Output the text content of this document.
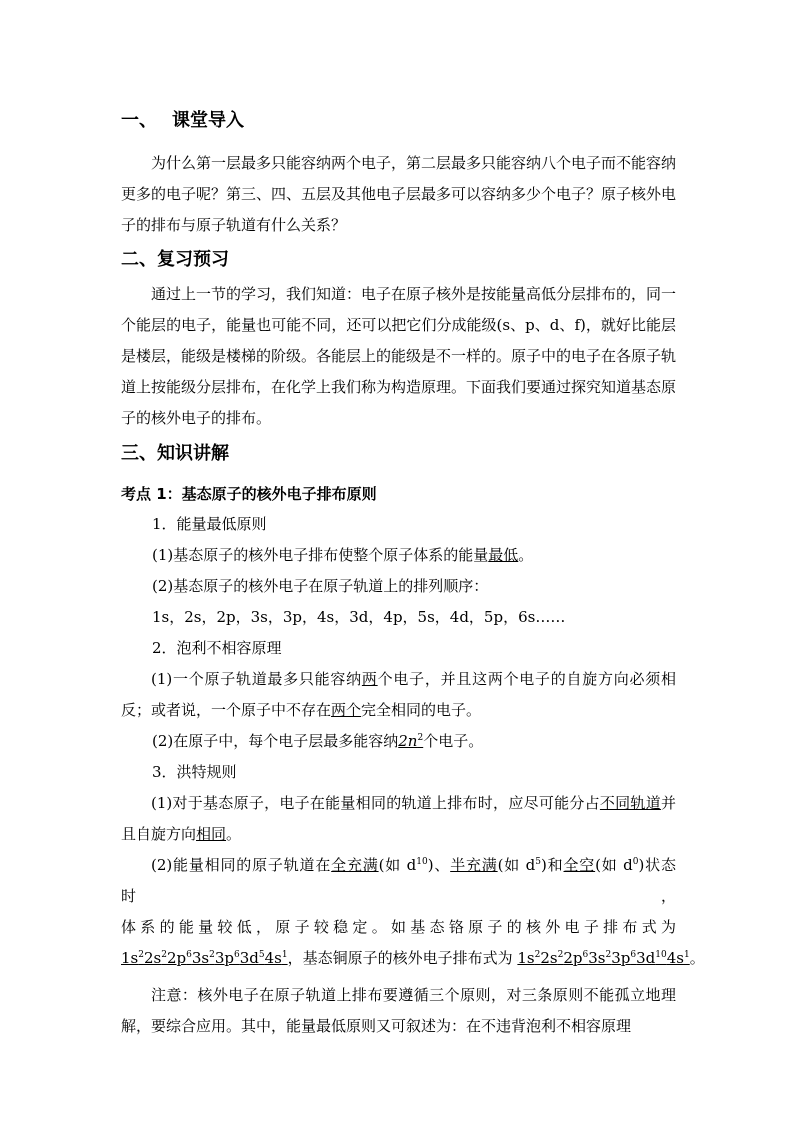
一、 课堂导入

为什么第一层最多只能容纳两个电子，第二层最多只能容纳八个电子而不能容纳更多的电子呢？第三、四、五层及其他电子层最多可以容纳多少个电子？原子核外电子的排布与原子轨道有什么关系？

二、复习预习

通过上一节的学习，我们知道：电子在原子核外是按能量高低分层排布的，同一个能层的电子，能量也可能不同，还可以把它们分成能级(s、p、d、f)，就好比能层是楼层，能级是楼梯的阶级。各能层上的能级是不一样的。原子中的电子在各原子轨道上按能级分层排布，在化学上我们称为构造原理。下面我们要通过探究知道基态原子的核外电子的排布。

三、知识讲解
考点 1：基态原子的核外电子排布原则
1．能量最低原则
(1)基态原子的核外电子排布使整个原子体系的能量最低。
(2)基态原子的核外电子在原子轨道上的排列顺序：
1s，2s，2p，3s，3p，4s，3d，4p，5s，4d，5p，6s……
2．泡利不相容原理

(1)一个原子轨道最多只能容纳两个电子，并且这两个电子的自旋方向必须相反；或者说，一个原子中不存在两个完全相同的电子。

(2)在原子中，每个电子层最多能容纳$2n^2$个电子。
3．洪特规则

(1)对于基态原子，电子在能量相同的轨道上排布时，应尽可能分占不同轨道并且自旋方向相同。

(2)能量相同的原子轨道在全充满(如 $d^{10}$)、半充满(如 $d^5$)和全空(如 $d^0$)状态时，

体系的能量较低，原子较稳定。如基态铬原子的核外电子排布式为

$1s^22s^22p^63s^23p^63d^54s^1$，基态铜原子的核外电子排布式为 $1s^22s^22p^63s^23p^63d^{10}4s^1$。

注意：核外电子在原子轨道上排布要遵循三个原则，对三条原则不能孤立地理解，要综合应用。其中，能量最低原则又可叙述为：在不违背泡利不相容原理
